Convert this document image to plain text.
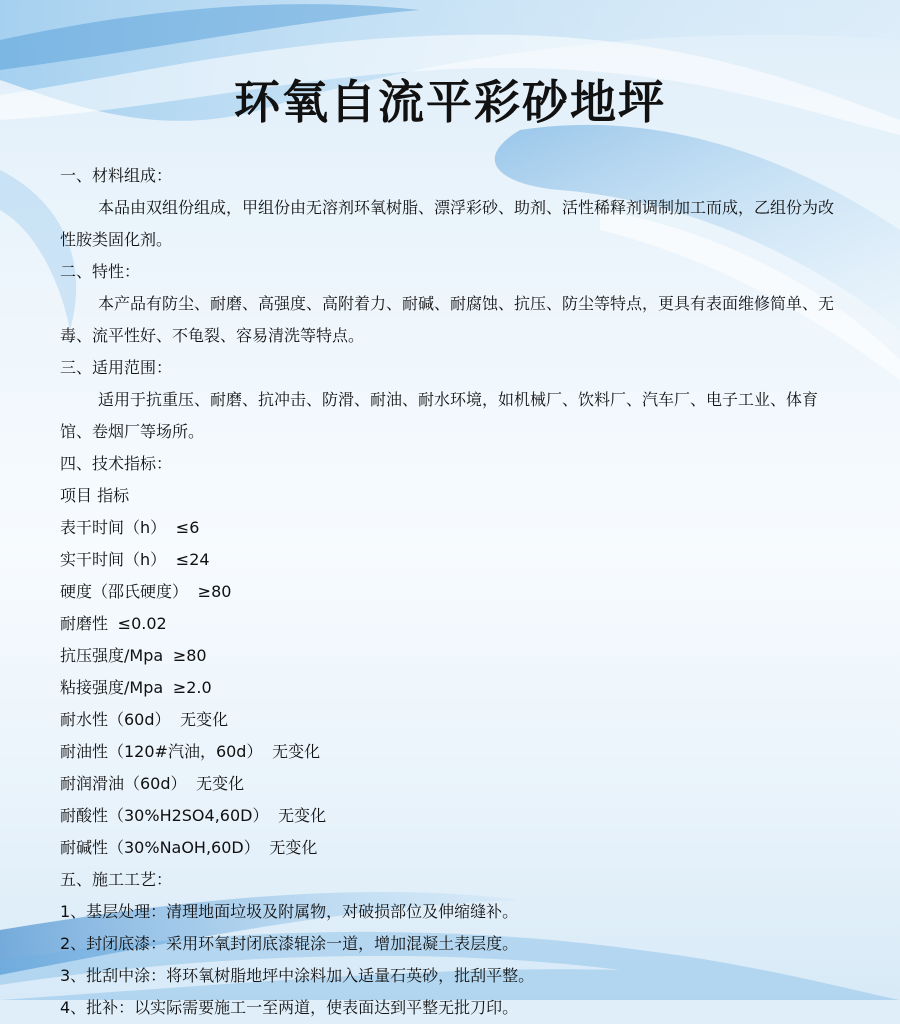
环氧自流平彩砂地坪
一、材料组成：
本品由双组份组成，甲组份由无溶剂环氧树脂、漂浮彩砂、助剂、活性稀释剂调制加工而成，乙组份为改性胺类固化剂。
二、特性：
本产品有防尘、耐磨、高强度、高附着力、耐碱、耐腐蚀、抗压、防尘等特点，更具有表面维修简单、无毒、流平性好、不龟裂、容易清洗等特点。
三、适用范围：
适用于抗重压、耐磨、抗冲击、防滑、耐油、耐水环境，如机械厂、饮料厂、汽车厂、电子工业、体育馆、卷烟厂等场所。
四、技术指标：
项目 指标
表干时间（h） ≤6
实干时间（h） ≤24
硬度（邵氏硬度） ≥80
耐磨性 ≤0.02
抗压强度/Mpa ≥80
粘接强度/Mpa ≥2.0
耐水性（60d） 无变化
耐油性（120#汽油，60d） 无变化
耐润滑油（60d） 无变化
耐酸性（30%H2SO4,60D） 无变化
耐碱性（30%NaOH,60D） 无变化
五、施工工艺：
1、基层处理：清理地面垃圾及附属物，对破损部位及伸缩缝补。
2、封闭底漆：采用环氧封闭底漆辊涂一道，增加混凝土表层度。
3、批刮中涂：将环氧树脂地坪中涂料加入适量石英砂，批刮平整。
4、批补：以实际需要施工一至两道，使表面达到平整无批刀印。
